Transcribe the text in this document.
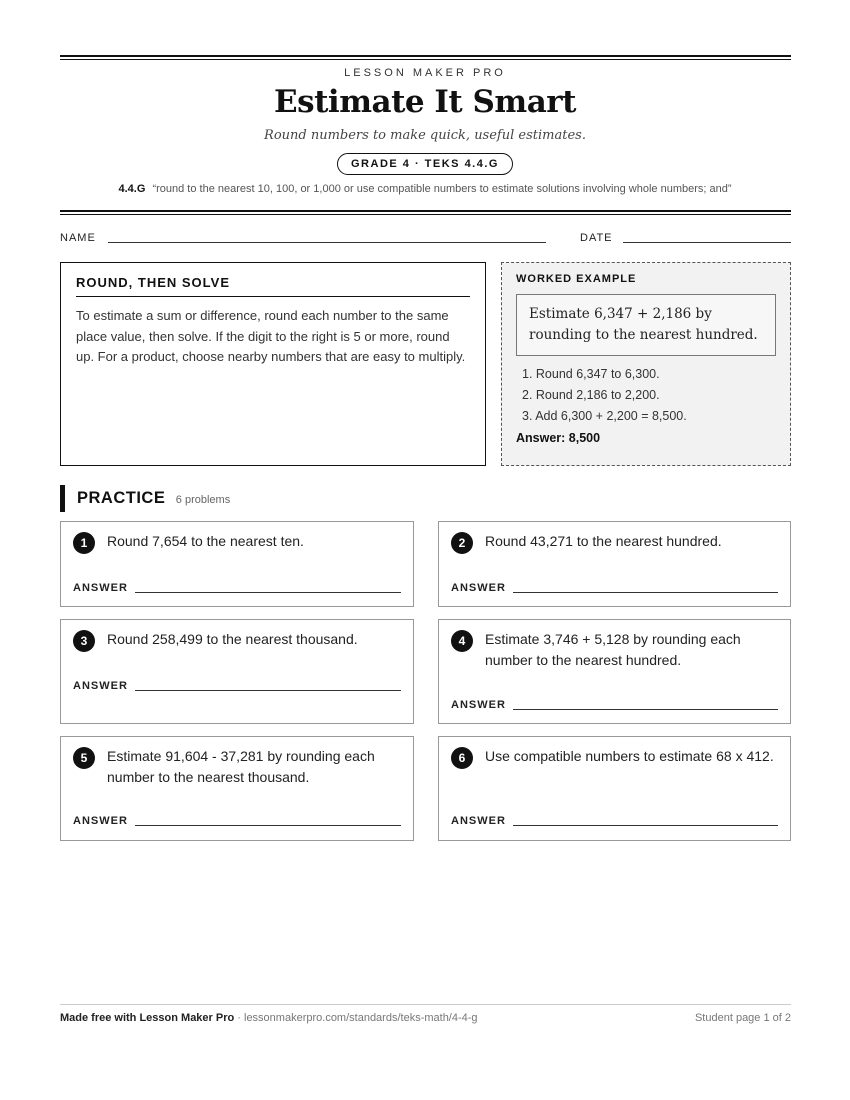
LESSON MAKER PRO
Estimate It Smart
Round numbers to make quick, useful estimates.
GRADE 4 · TEKS 4.4.G
4.4.G “round to the nearest 10, 100, or 1,000 or use compatible numbers to estimate solutions involving whole numbers; and”
NAME	DATE
ROUND, THEN SOLVE

To estimate a sum or difference, round each number to the same place value, then solve. If the digit to the right is 5 or more, round up. For a product, choose nearby numbers that are easy to multiply.

WORKED EXAMPLE
Estimate 6,347 + 2,186 by rounding to the nearest hundred.
1. Round 6,347 to 6,300.
2. Round 2,186 to 2,200.
3. Add 6,300 + 2,200 = 8,500.
Answer: 8,500
PRACTICE 6 problems
1	Round 7,654 to the nearest ten.
ANSWER
2	Round 43,271 to the nearest hundred.
ANSWER
3	Round 258,499 to the nearest thousand.
ANSWER
4	Estimate 3,746 + 5,128 by rounding each number to the nearest hundred.
ANSWER
5	Estimate 91,604 - 37,281 by rounding each number to the nearest thousand.
ANSWER
6	Use compatible numbers to estimate 68 x 412.
ANSWER
Made free with Lesson Maker Pro · lessonmakerpro.com/standards/teks-math/4-4-g	Student page 1 of 2
